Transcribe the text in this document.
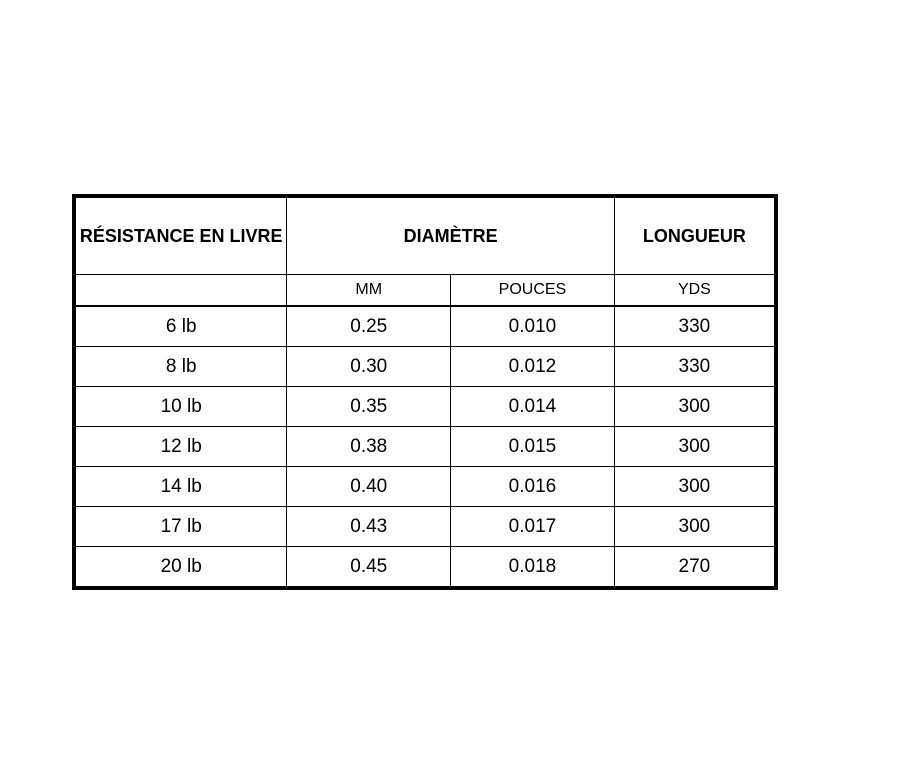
RÉSISTANCE EN LIVRE	DIAMÈTRE		LONGUEUR
	MM	POUCES	YDS
6 lb	0.25	0.010	330
8 lb	0.30	0.012	330
10 lb	0.35	0.014	300
12 lb	0.38	0.015	300
14 lb	0.40	0.016	300
17 lb	0.43	0.017	300
20 lb	0.45	0.018	270
